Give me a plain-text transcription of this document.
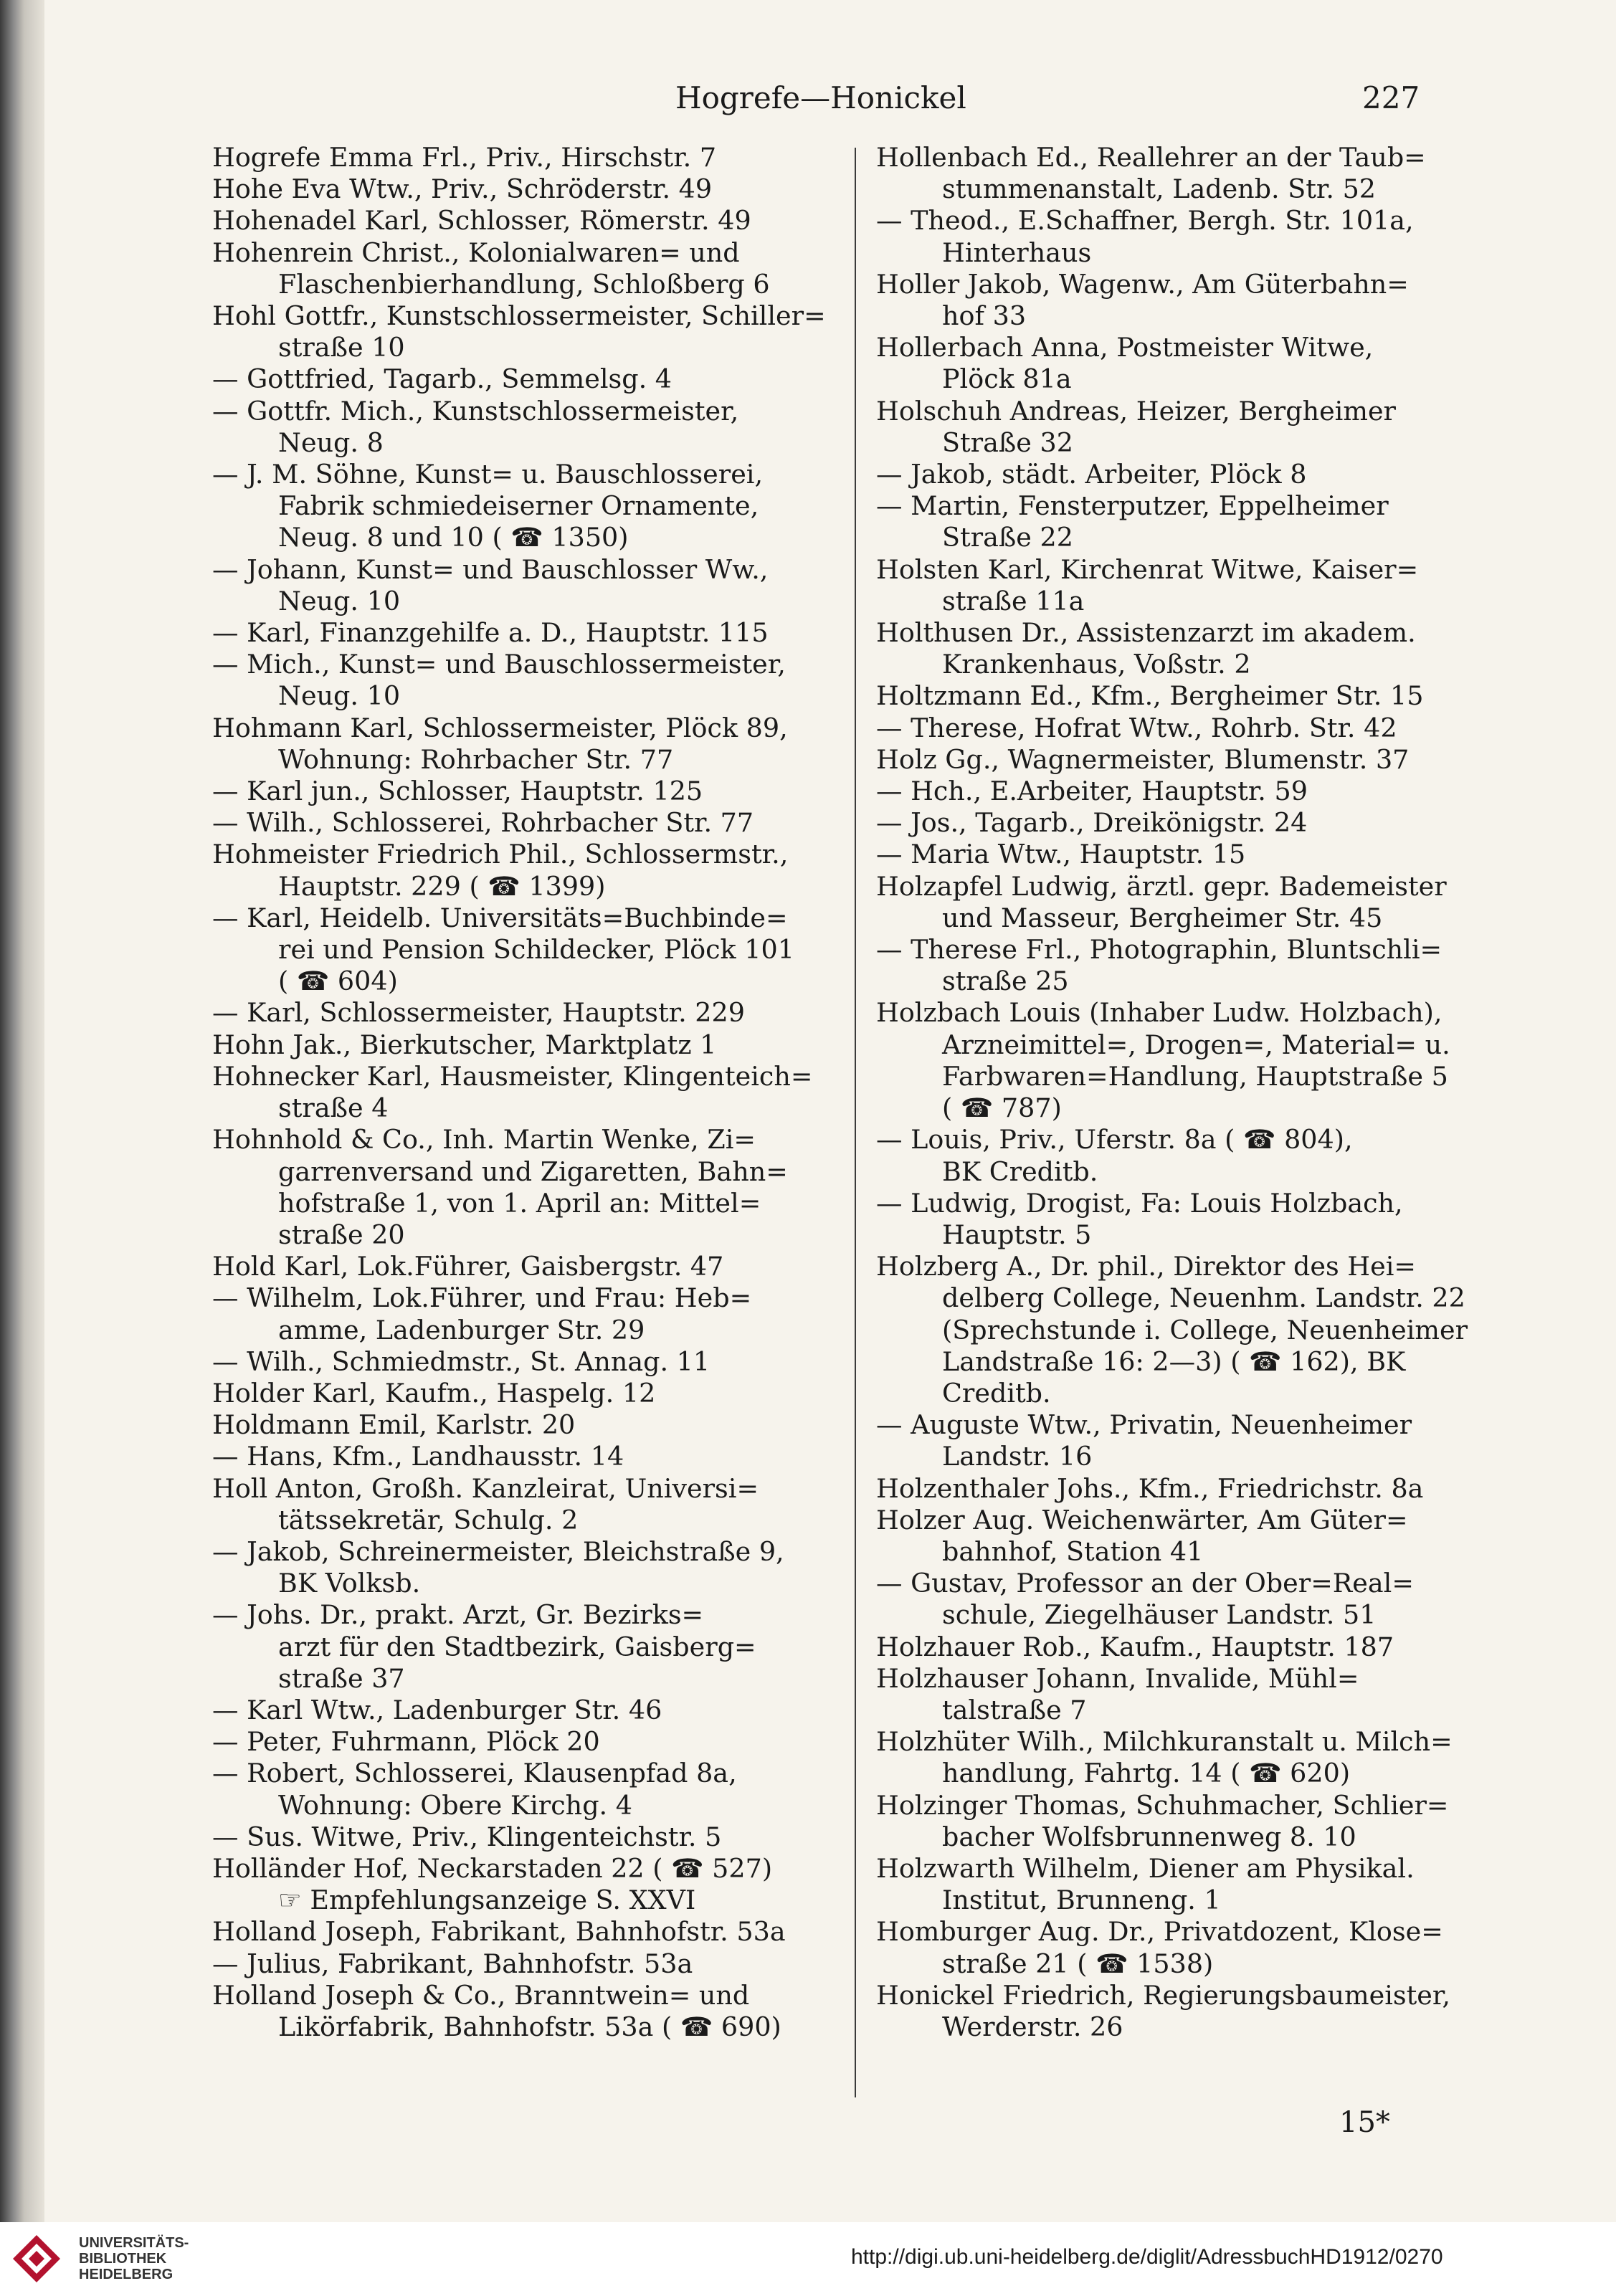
Hogrefe—Honickel	227
Hogrefe Emma Frl., Priv., Hirschstr. 7
Hohe Eva Wtw., Priv., Schröderstr. 49
Hohenadel Karl, Schlosser, Römerstr. 49
Hohenrein Christ., Kolonialwaren= und
Flaschenbierhandlung, Schloßberg 6
Hohl Gottfr., Kunstschlossermeister, Schiller=
straße 10
— Gottfried, Tagarb., Semmelsg. 4
— Gottfr. Mich., Kunstschlossermeister,
Neug. 8
— J. M. Söhne, Kunst= u. Bauschlosserei,
Fabrik schmiedeiserner Ornamente,
Neug. 8 und 10 ( ☎ 1350)
— Johann, Kunst= und Bauschlosser Ww.,
Neug. 10
— Karl, Finanzgehilfe a. D., Hauptstr. 115
— Mich., Kunst= und Bauschlossermeister,
Neug. 10
Hohmann Karl, Schlossermeister, Plöck 89,
Wohnung: Rohrbacher Str. 77
— Karl jun., Schlosser, Hauptstr. 125
— Wilh., Schlosserei, Rohrbacher Str. 77
Hohmeister Friedrich Phil., Schlossermstr.,
Hauptstr. 229 ( ☎ 1399)
— Karl, Heidelb. Universitäts=Buchbinde=
rei und Pension Schildecker, Plöck 101
( ☎ 604)
— Karl, Schlossermeister, Hauptstr. 229
Hohn Jak., Bierkutscher, Marktplatz 1
Hohnecker Karl, Hausmeister, Klingenteich=
straße 4
Hohnhold & Co., Inh. Martin Wenke, Zi=
garrenversand und Zigaretten, Bahn=
hofstraße 1, von 1. April an: Mittel=
straße 20
Hold Karl, Lok.Führer, Gaisbergstr. 47
— Wilhelm, Lok.Führer, und Frau: Heb=
amme, Ladenburger Str. 29
— Wilh., Schmiedmstr., St. Annag. 11
Holder Karl, Kaufm., Haspelg. 12
Holdmann Emil, Karlstr. 20
— Hans, Kfm., Landhausstr. 14
Holl Anton, Großh. Kanzleirat, Universi=
tätssekretär, Schulg. 2
— Jakob, Schreinermeister, Bleichstraße 9,
BK Volksb.
— Johs. Dr., prakt. Arzt, Gr. Bezirks=
arzt für den Stadtbezirk, Gaisberg=
straße 37
— Karl Wtw., Ladenburger Str. 46
— Peter, Fuhrmann, Plöck 20
— Robert, Schlosserei, Klausenpfad 8a,
Wohnung: Obere Kirchg. 4
— Sus. Witwe, Priv., Klingenteichstr. 5
Holländer Hof, Neckarstaden 22 ( ☎ 527)
☞ Empfehlungsanzeige S. XXVI
Holland Joseph, Fabrikant, Bahnhofstr. 53a
— Julius, Fabrikant, Bahnhofstr. 53a
Holland Joseph & Co., Branntwein= und
Likörfabrik, Bahnhofstr. 53a ( ☎ 690)
Hollenbach Ed., Reallehrer an der Taub=
stummenanstalt, Ladenb. Str. 52
— Theod., E.Schaffner, Bergh. Str. 101a,
Hinterhaus
Holler Jakob, Wagenw., Am Güterbahn=
hof 33
Hollerbach Anna, Postmeister Witwe,
Plöck 81a
Holschuh Andreas, Heizer, Bergheimer
Straße 32
— Jakob, städt. Arbeiter, Plöck 8
— Martin, Fensterputzer, Eppelheimer
Straße 22
Holsten Karl, Kirchenrat Witwe, Kaiser=
straße 11a
Holthusen Dr., Assistenzarzt im akadem.
Krankenhaus, Voßstr. 2
Holtzmann Ed., Kfm., Bergheimer Str. 15
— Therese, Hofrat Wtw., Rohrb. Str. 42
Holz Gg., Wagnermeister, Blumenstr. 37
— Hch., E.Arbeiter, Hauptstr. 59
— Jos., Tagarb., Dreikönigstr. 24
— Maria Wtw., Hauptstr. 15
Holzapfel Ludwig, ärztl. gepr. Bademeister
und Masseur, Bergheimer Str. 45
— Therese Frl., Photographin, Bluntschli=
straße 25
Holzbach Louis (Inhaber Ludw. Holzbach),
Arzneimittel=, Drogen=, Material= u.
Farbwaren=Handlung, Hauptstraße 5
( ☎ 787)
— Louis, Priv., Uferstr. 8a ( ☎ 804),
BK Creditb.
— Ludwig, Drogist, Fa: Louis Holzbach,
Hauptstr. 5
Holzberg A., Dr. phil., Direktor des Hei=
delberg College, Neuenhm. Landstr. 22
(Sprechstunde i. College, Neuenheimer
Landstraße 16: 2—3) ( ☎ 162), BK
Creditb.
— Auguste Wtw., Privatin, Neuenheimer
Landstr. 16
Holzenthaler Johs., Kfm., Friedrichstr. 8a
Holzer Aug. Weichenwärter, Am Güter=
bahnhof, Station 41
— Gustav, Professor an der Ober=Real=
schule, Ziegelhäuser Landstr. 51
Holzhauer Rob., Kaufm., Hauptstr. 187
Holzhauser Johann, Invalide, Mühl=
talstraße 7
Holzhüter Wilh., Milchkuranstalt u. Milch=
handlung, Fahrtg. 14 ( ☎ 620)
Holzinger Thomas, Schuhmacher, Schlier=
bacher Wolfsbrunnenweg 8. 10
Holzwarth Wilhelm, Diener am Physikal.
Institut, Brunneng. 1
Homburger Aug. Dr., Privatdozent, Klose=
straße 21 ( ☎ 1538)
Honickel Friedrich, Regierungsbaumeister,
Werderstr. 26
15*
UNIVERSITÄTS-
BIBLIOTHEK
HEIDELBERG
http://digi.ub.uni-heidelberg.de/diglit/AdressbuchHD1912/0270
